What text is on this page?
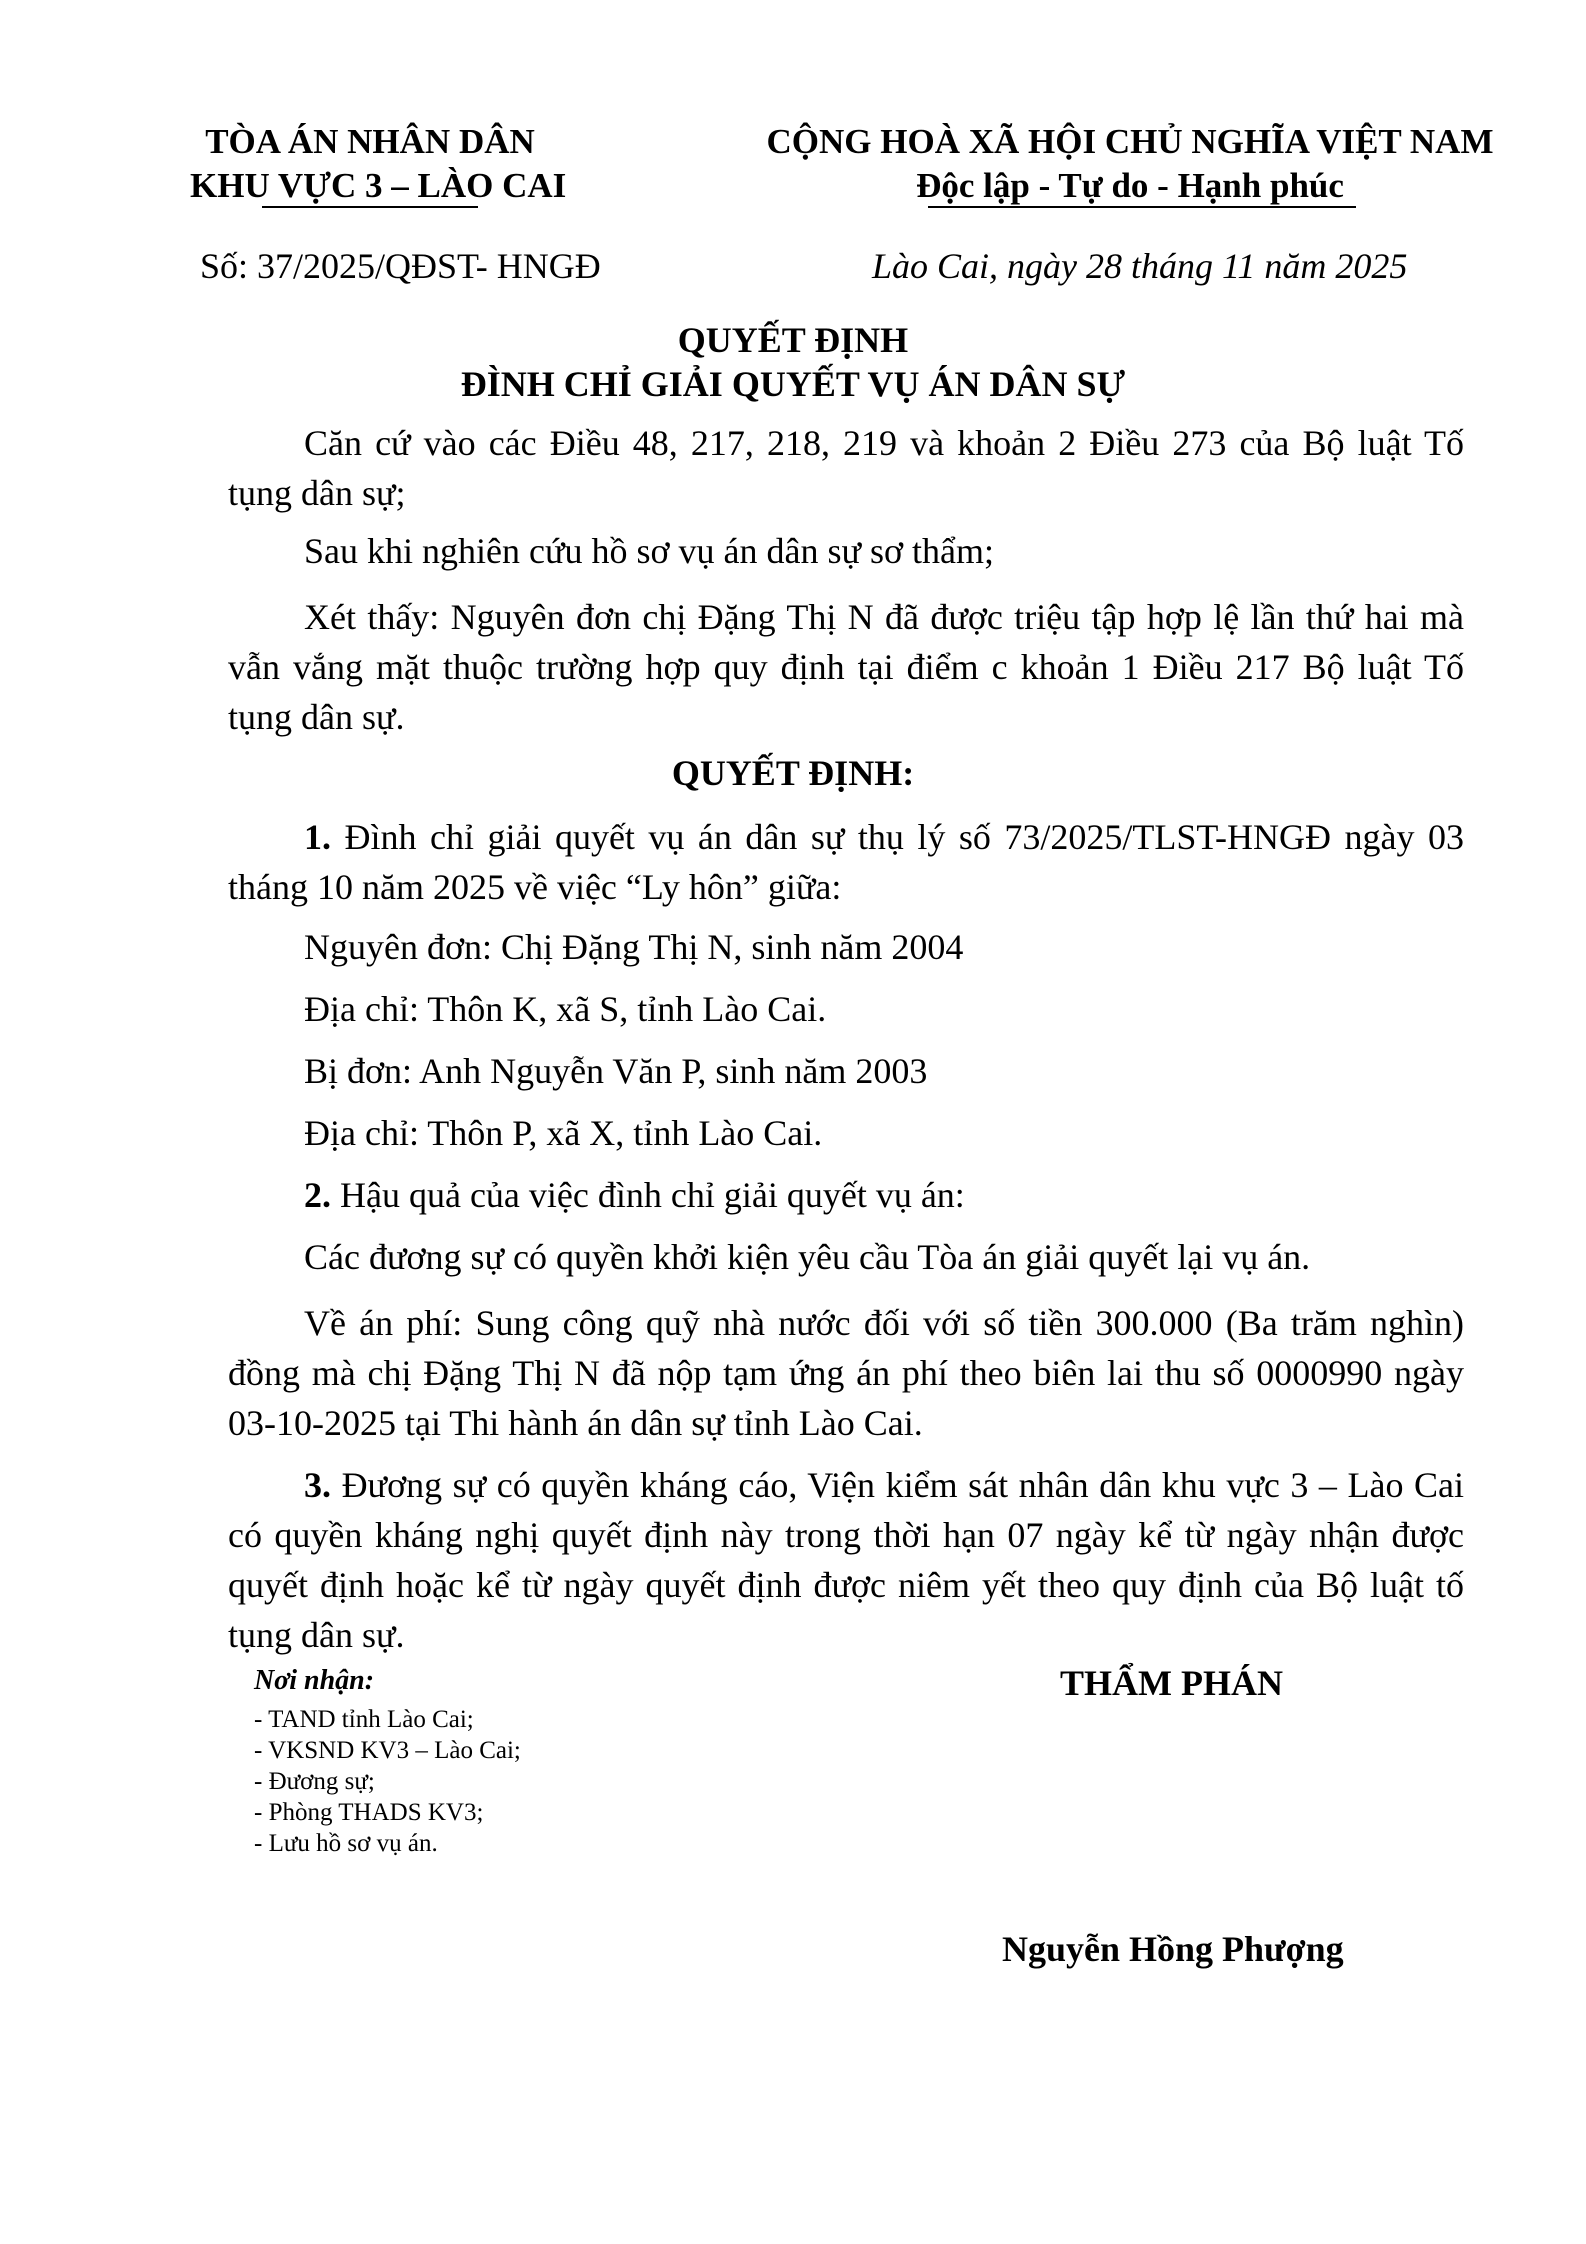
TÒA ÁN NHÂN DÂN
KHU VỰC 3 – LÀO CAI
CỘNG HOÀ XÃ HỘI CHỦ NGHĨA VIỆT NAM
Độc lập - Tự do - Hạnh phúc
Số: 37/2025/QĐST- HNGĐ	Lào Cai, ngày 28 tháng 11 năm 2025
QUYẾT ĐỊNH
ĐÌNH CHỈ GIẢI QUYẾT VỤ ÁN DÂN SỰ
Căn cứ vào các Điều 48, 217, 218, 219 và khoản 2 Điều 273 của Bộ luật Tố tụng dân sự;
Sau khi nghiên cứu hồ sơ vụ án dân sự sơ thẩm;
Xét thấy: Nguyên đơn chị Đặng Thị N đã được triệu tập hợp lệ lần thứ hai mà vẫn vắng mặt thuộc trường hợp quy định tại điểm c khoản 1 Điều 217 Bộ luật Tố tụng dân sự.
QUYẾT ĐỊNH:
1. Đình chỉ giải quyết vụ án dân sự thụ lý số 73/2025/TLST-HNGĐ ngày 03 tháng 10 năm 2025 về việc “Ly hôn” giữa:
Nguyên đơn: Chị Đặng Thị N, sinh năm 2004
Địa chỉ: Thôn K, xã S, tỉnh Lào Cai.
Bị đơn: Anh Nguyễn Văn P, sinh năm 2003
Địa chỉ: Thôn P, xã X, tỉnh Lào Cai.
2. Hậu quả của việc đình chỉ giải quyết vụ án:
Các đương sự có quyền khởi kiện yêu cầu Tòa án giải quyết lại vụ án.
Về án phí: Sung công quỹ nhà nước đối với số tiền 300.000 (Ba trăm nghìn) đồng mà chị Đặng Thị N đã nộp tạm ứng án phí theo biên lai thu số 0000990 ngày 03-10-2025 tại Thi hành án dân sự tỉnh Lào Cai.
3. Đương sự có quyền kháng cáo, Viện kiểm sát nhân dân khu vực 3 – Lào Cai có quyền kháng nghị quyết định này trong thời hạn 07 ngày kể từ ngày nhận được quyết định hoặc kể từ ngày quyết định được niêm yết theo quy định của Bộ luật tố tụng dân sự.
Nơi nhận:
- TAND tỉnh Lào Cai;
- VKSND KV3 – Lào Cai;
- Đương sự;
- Phòng THADS KV3;
- Lưu hồ sơ vụ án.
THẨM PHÁN
Nguyễn Hồng Phượng
